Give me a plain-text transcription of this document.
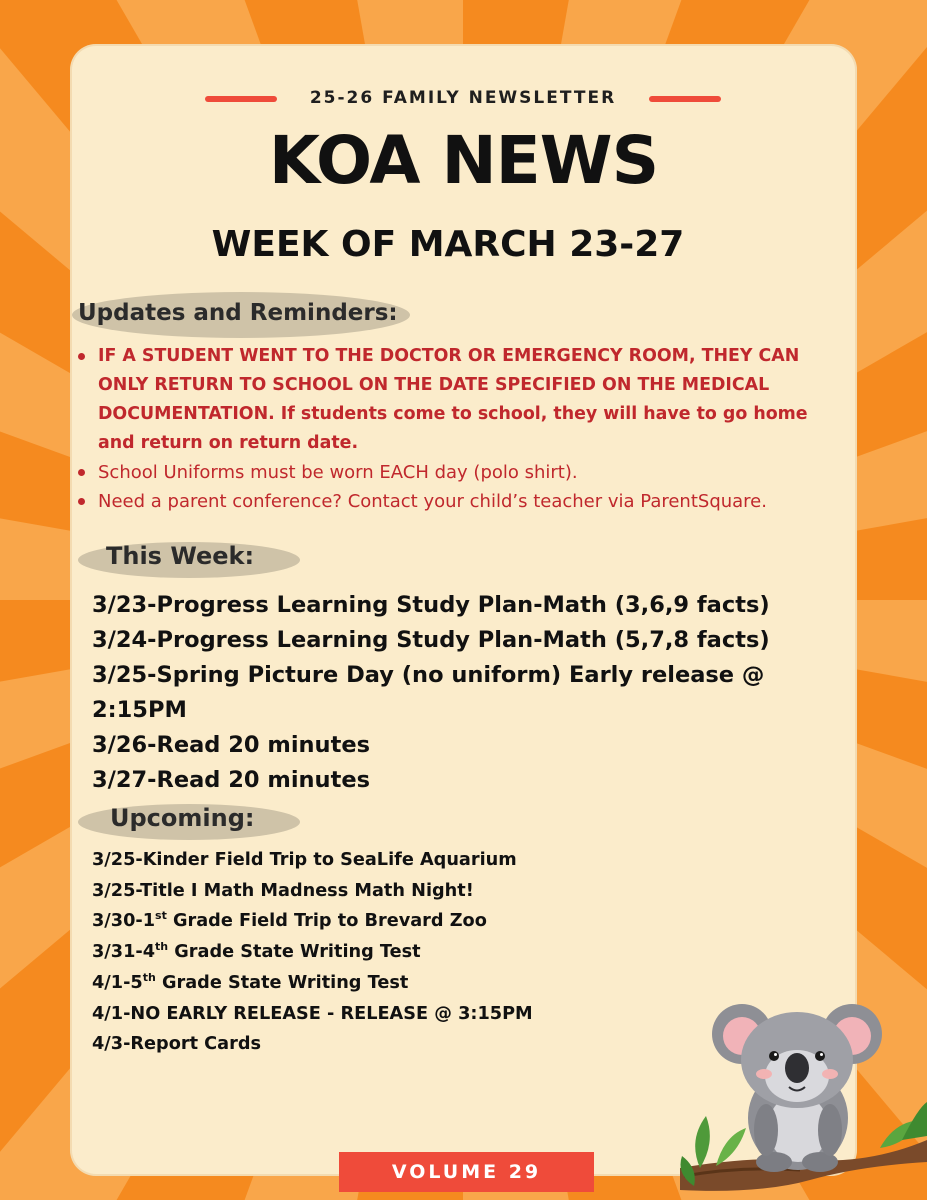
25-26 FAMILY NEWSLETTER
KOA NEWS
WEEK OF MARCH 23-27
Updates and Reminders:
IF A STUDENT WENT TO THE DOCTOR OR EMERGENCY ROOM, THEY CAN ONLY RETURN TO SCHOOL ON THE DATE SPECIFIED ON THE MEDICAL DOCUMENTATION. If students come to school, they will have to go home and return on return date.
School Uniforms must be worn EACH day (polo shirt).
Need a parent conference? Contact your child’s teacher via ParentSquare.
This Week:
3/23-Progress Learning Study Plan-Math (3,6,9 facts)
3/24-Progress Learning Study Plan-Math (5,7,8 facts)
3/25-Spring Picture Day (no uniform) Early release @
2:15PM
3/26-Read 20 minutes
3/27-Read 20 minutes
Upcoming:
3/25-Kinder Field Trip to SeaLife Aquarium
3/25-Title I Math Madness Math Night!
3/30-1st Grade Field Trip to Brevard Zoo
3/31-4th Grade State Writing Test
4/1-5th Grade State Writing Test
4/1-NO EARLY RELEASE - RELEASE @ 3:15PM
4/3-Report Cards
VOLUME 29
